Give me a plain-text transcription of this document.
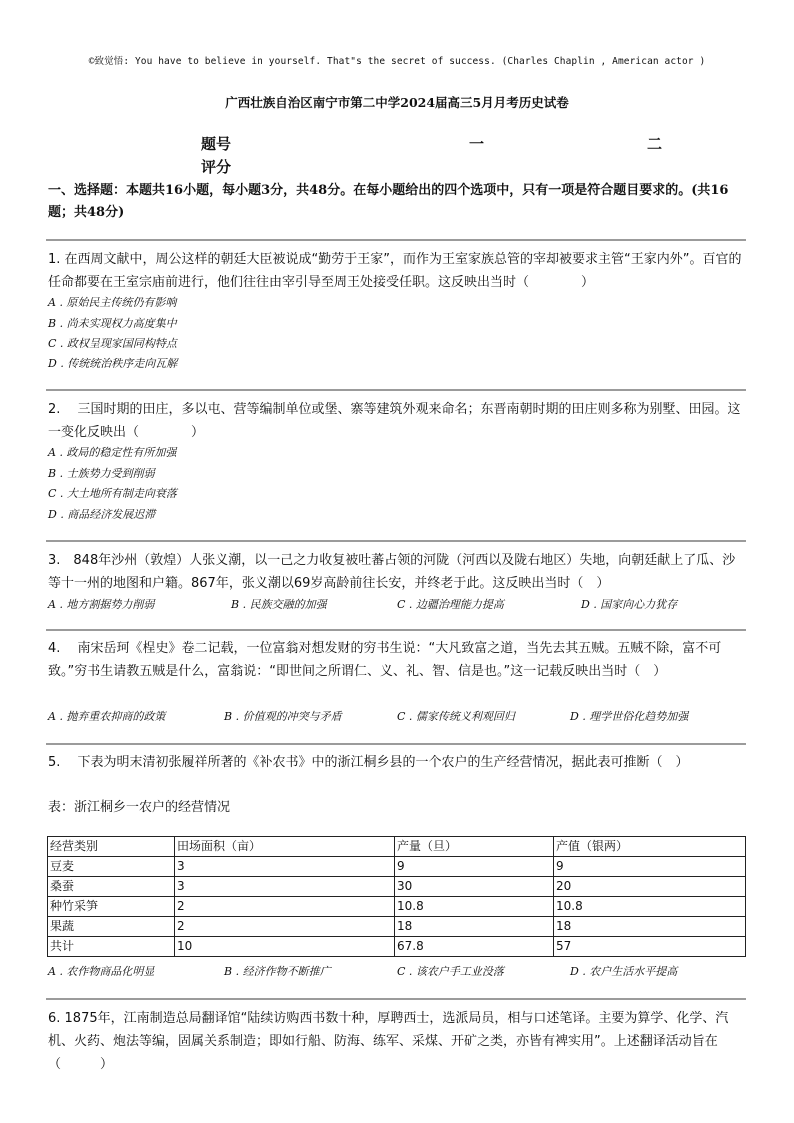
©致觉悟: You have to believe in yourself. That"s the secret of success. (Charles Chaplin , American actor )
广西壮族自治区南宁市第二中学2024届高三5月月考历史试卷
题号	一	二
评分
一、选择题：本题共16小题，每小题3分，共48分。在每小题给出的四个选项中，只有一项是符合题目要求的。(共16题；共48分)
1. 在西周文献中，周公这样的朝廷大臣被说成“勤劳于王家”，而作为王室家族总管的宰却被要求主管“王家内外”。百官的任命都要在王室宗庙前进行，他们往往由宰引导至周王处接受任职。这反映出当时（　　　　）
A . 原始民主传统仍有影响
B . 尚未实现权力高度集中
C . 政权呈现家国同构特点
D . 传统统治秩序走向瓦解
2.　 三国时期的田庄，多以屯、营等编制单位或堡、寨等建筑外观来命名；东晋南朝时期的田庄则多称为别墅、田园。这一变化反映出（　　　　）
A . 政局的稳定性有所加强
B . 士族势力受到削弱
C . 大土地所有制走向衰落
D . 商品经济发展迟滞
3.　848年沙州（敦煌）人张义潮，以一己之力收复被吐蕃占领的河陇（河西以及陇右地区）失地，向朝廷献上了瓜、沙等十一州的地图和户籍。867年，张义潮以69岁高龄前往长安，并终老于此。这反映出当时（　）
A . 地方割据势力削弱	B . 民族交融的加强	C . 边疆治理能力提高	D . 国家向心力犹存
4.　 南宋岳珂《桯史》卷二记载，一位富翁对想发财的穷书生说：“大凡致富之道，当先去其五贼。五贼不除，富不可致。”穷书生请教五贼是什么，富翁说：“即世间之所谓仁、义、礼、智、信是也。”这一记载反映出当时（　）
A . 抛弃重农抑商的政策	B . 价值观的冲突与矛盾	C . 儒家传统义利观回归	D . 理学世俗化趋势加强
5.　 下表为明末清初张履祥所著的《补农书》中的浙江桐乡县的一个农户的生产经营情况，据此表可推断（　）
表：浙江桐乡一农户的经营情况
经营类别	田场面积（亩）	产量（旦）	产值（银两）
豆麦	3	9	9
桑蚕	3	30	20
种竹采笋	2	10.8	10.8
果蔬	2	18	18
共计	10	67.8	57
A . 农作物商品化明显	B . 经济作物不断推广	C . 该农户手工业没落	D . 农户生活水平提高
6. 1875年，江南制造总局翻译馆“陆续访购西书数十种，厚聘西士，选派局员，相与口述笔译。主要为算学、化学、汽机、火药、炮法等编，固属关系制造；即如行船、防海、练军、采煤、开矿之类，亦皆有裨实用”。上述翻译活动旨在（　　　）
